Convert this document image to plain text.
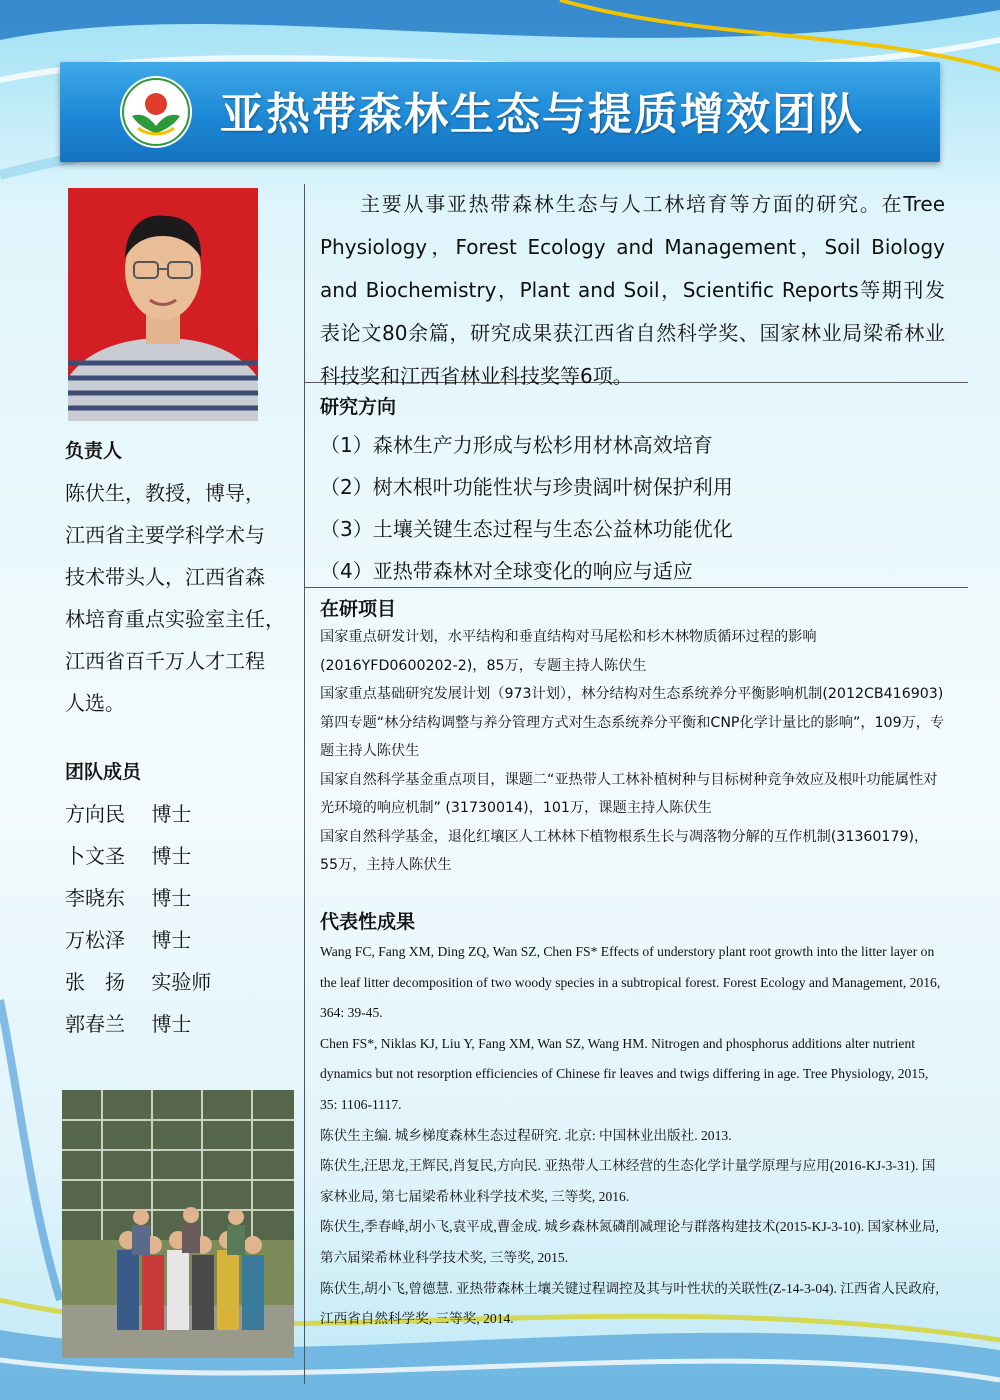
亚热带森林生态与提质增效团队
负责人
陈伏生，教授，博导，
江西省主要学科学术与
技术带头人，江西省森
林培育重点实验室主任，
江西省百千万人才工程
人选。
团队成员
方向民　 博士
卜文圣　 博士
李晓东　 博士
万松泽　 博士
张　扬　 实验师
郭春兰　 博士

主要从事亚热带森林生态与人工林培育等方面的研究。在Tree Physiology，Forest Ecology and Management，Soil Biology and Biochemistry，Plant and Soil，Scientific Reports等期刊发表论文80余篇，研究成果获江西省自然科学奖、国家林业局梁希林业科技奖和江西省林业科技奖等6项。

研究方向
（1）森林生产力形成与松杉用材林高效培育
（2）树木根叶功能性状与珍贵阔叶树保护利用
（3）土壤关键生态过程与生态公益林功能优化
（4）亚热带森林对全球变化的响应与适应
在研项目
国家重点研发计划，水平结构和垂直结构对马尾松和杉木林物质循环过程的影响(2016YFD0600202-2)，85万，专题主持人陈伏生
国家重点基础研究发展计划（973计划），林分结构对生态系统养分平衡影响机制(2012CB416903)第四专题“林分结构调整与养分管理方式对生态系统养分平衡和CNP化学计量比的影响”，109万，专题主持人陈伏生
国家自然科学基金重点项目，课题二“亚热带人工林补植树种与目标树种竞争效应及根叶功能属性对光环境的响应机制” (31730014)，101万，课题主持人陈伏生
国家自然科学基金，退化红壤区人工林林下植物根系生长与凋落物分解的互作机制(31360179)，55万，主持人陈伏生
代表性成果
Wang FC, Fang XM, Ding ZQ, Wan SZ, Chen FS* Effects of understory plant root growth into the litter layer on the leaf litter decomposition of two woody species in a subtropical forest. Forest Ecology and Management, 2016, 364: 39-45.
Chen FS*, Niklas KJ, Liu Y, Fang XM, Wan SZ, Wang HM. Nitrogen and phosphorus additions alter nutrient dynamics but not resorption efficiencies of Chinese fir leaves and twigs differing in age. Tree Physiology, 2015, 35: 1106-1117.
陈伏生主编. 城乡梯度森林生态过程研究. 北京: 中国林业出版社. 2013.
陈伏生,汪思龙,王辉民,肖复民,方向民. 亚热带人工林经营的生态化学计量学原理与应用(2016-KJ-3-31). 国家林业局, 第七届梁希林业科学技术奖, 三等奖, 2016.
陈伏生,季春峰,胡小飞,袁平成,曹金成. 城乡森林氮磷削减理论与群落构建技术(2015-KJ-3-10). 国家林业局, 第六届梁希林业科学技术奖, 三等奖, 2015.
陈伏生,胡小飞,曾德慧. 亚热带森林土壤关键过程调控及其与叶性状的关联性(Z-14-3-04). 江西省人民政府, 江西省自然科学奖, 三等奖, 2014.
